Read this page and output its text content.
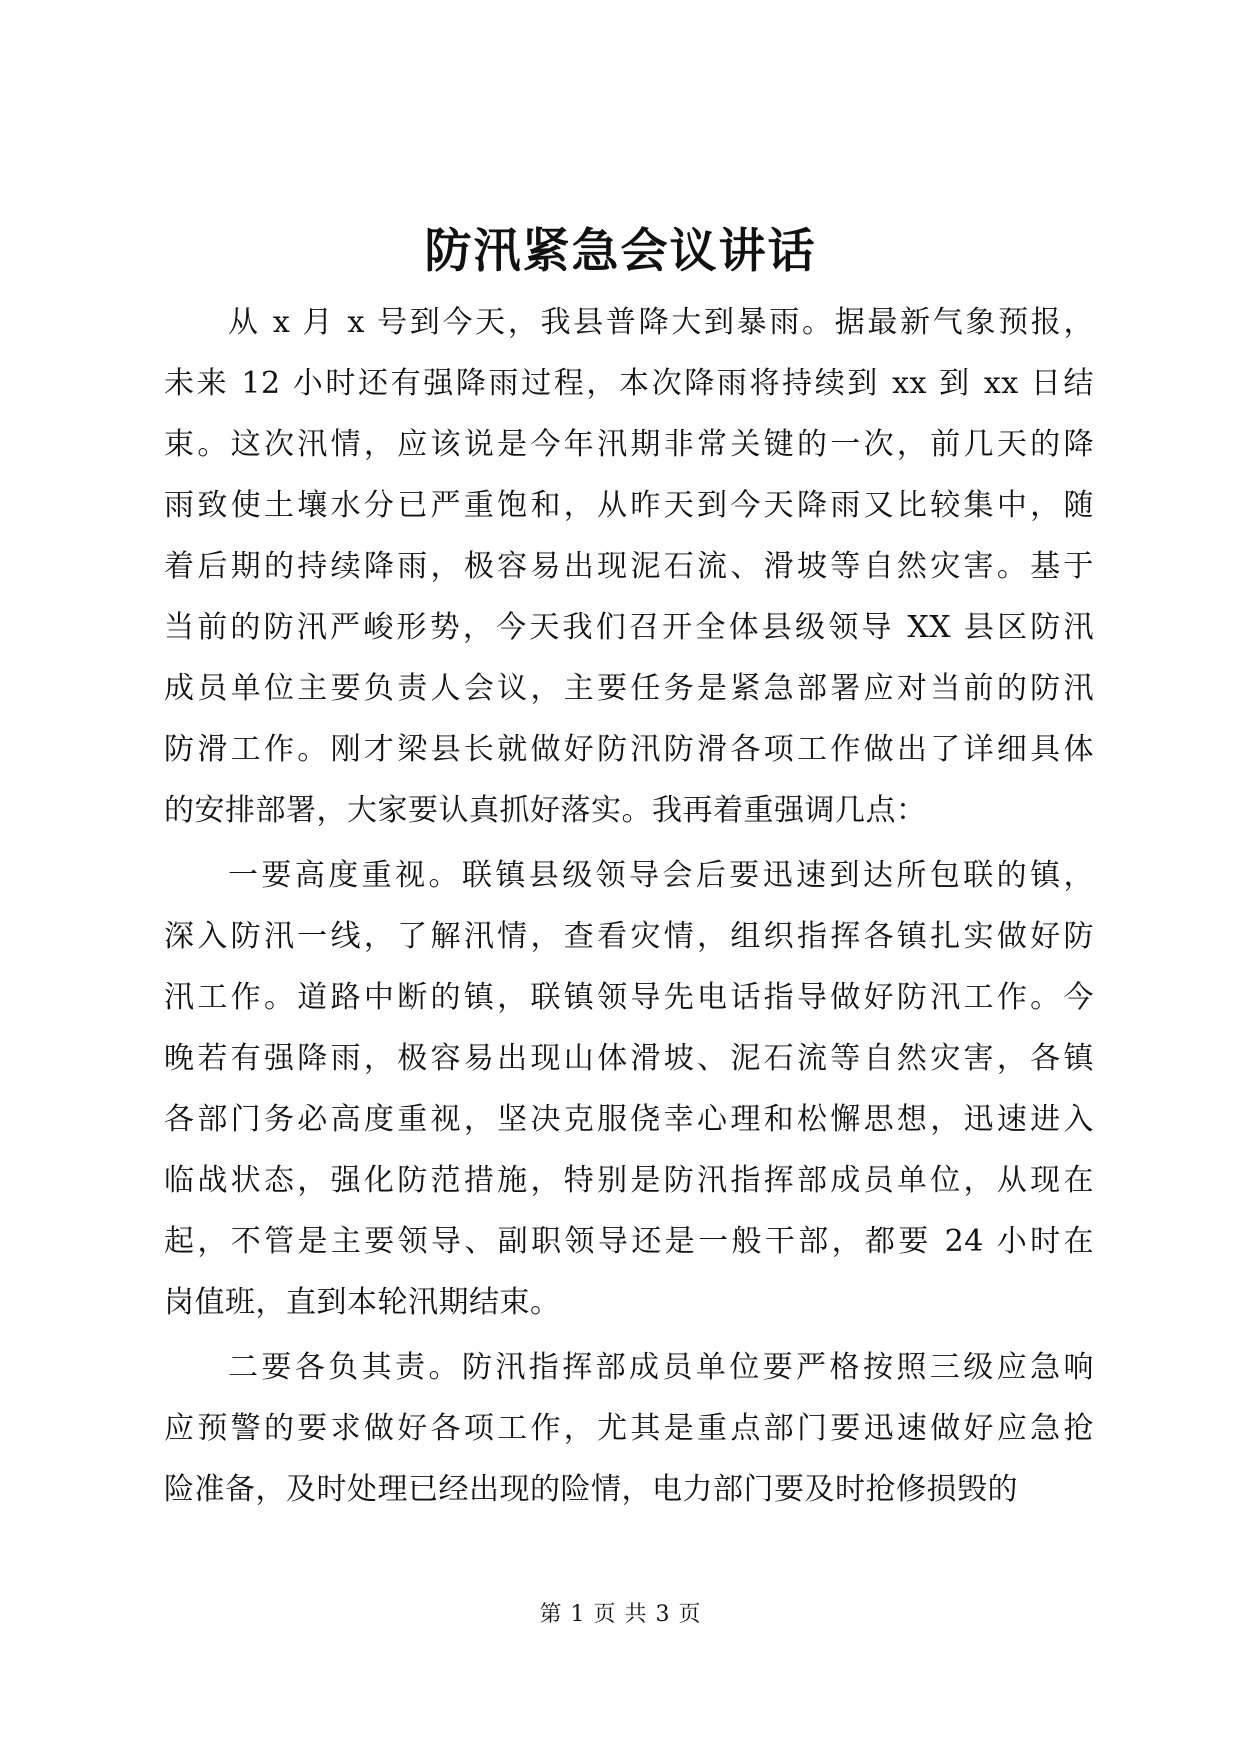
防汛紧急会议讲话
从 x 月 x 号到今天，我县普降大到暴雨。据最新气象预报，
未来 12 小时还有强降雨过程，本次降雨将持续到 xx 到 xx 日结
束。这次汛情，应该说是今年汛期非常关键的一次，前几天的降
雨致使土壤水分已严重饱和，从昨天到今天降雨又比较集中，随
着后期的持续降雨，极容易出现泥石流、滑坡等自然灾害。基于
当前的防汛严峻形势，今天我们召开全体县级领导 XX 县区防汛
成员单位主要负责人会议，主要任务是紧急部署应对当前的防汛
防滑工作。刚才梁县长就做好防汛防滑各项工作做出了详细具体
的安排部署，大家要认真抓好落实。我再着重强调几点：
一要高度重视。联镇县级领导会后要迅速到达所包联的镇，
深入防汛一线，了解汛情，查看灾情，组织指挥各镇扎实做好防
汛工作。道路中断的镇，联镇领导先电话指导做好防汛工作。今
晚若有强降雨，极容易出现山体滑坡、泥石流等自然灾害，各镇
各部门务必高度重视，坚决克服侥幸心理和松懈思想，迅速进入
临战状态，强化防范措施，特别是防汛指挥部成员单位，从现在
起，不管是主要领导、副职领导还是一般干部，都要 24 小时在
岗值班，直到本轮汛期结束。
二要各负其责。防汛指挥部成员单位要严格按照三级应急响
应预警的要求做好各项工作，尤其是重点部门要迅速做好应急抢
险准备，及时处理已经出现的险情，电力部门要及时抢修损毁的
第 1 页 共 3 页
